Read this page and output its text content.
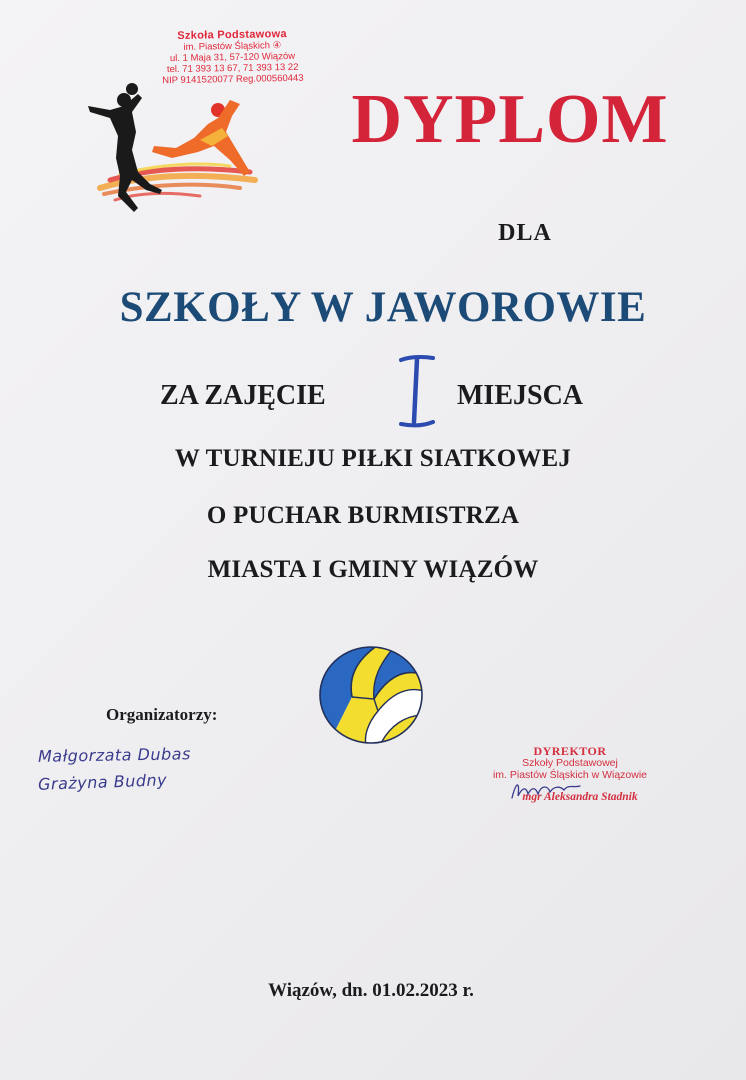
Szkoła Podstawowa
im. Piastów Śląskich ④
ul. 1 Maja 31, 57-120 Wiązów
tel. 71 393 13 67, 71 393 13 22
NIP 9141520077 Reg.000560443
DYPLOM
DLA
SZKOŁY W JAWOROWIE
ZA ZAJĘCIE	MIEJSCA
W TURNIEJU PIŁKI SIATKOWEJ
O PUCHAR BURMISTRZA
MIASTA I GMINY WIĄZÓW
Organizatorzy:
Małgorzata Dubas
Grażyna Budny
DYREKTOR
Szkoły Podstawowej
im. Piastów Śląskich w Wiązowie
mgr Aleksandra Stadnik
Wiązów, dn. 01.02.2023 r.
